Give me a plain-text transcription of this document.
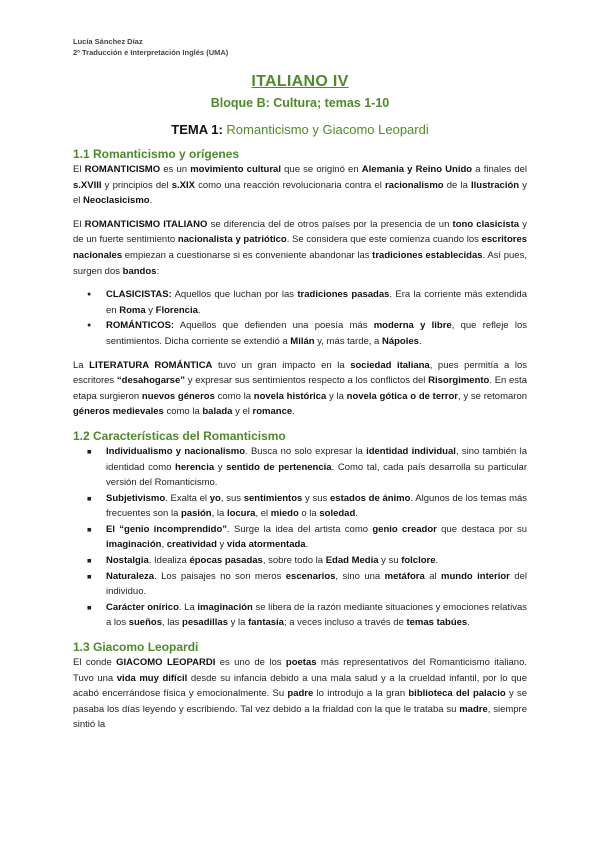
Lucía Sánchez Díaz
2º Traducción e Interpretación Inglés (UMA)
ITALIANO IV
Bloque B: Cultura; temas 1-10
TEMA 1: Romanticismo y Giacomo Leopardi
1.1 Romanticismo y orígenes

El ROMANTICISMO es un movimiento cultural que se originó en Alemania y Reino Unido a finales del s.XVIII y principios del s.XIX como una reacción revolucionaria contra el racionalismo de la Ilustración y el Neoclasicismo.

El ROMANTICISMO ITALIANO se diferencia del de otros países por la presencia de un tono clasicista y de un fuerte sentimiento nacionalista y patriótico. Se considera que este comienza cuando los escritores nacionales empiezan a cuestionarse si es conveniente abandonar las tradiciones establecidas. Así pues, surgen dos bandos:

● CLASICISTAS: Aquellos que luchan por las tradiciones pasadas. Era la corriente más extendida en Roma y Florencia.
● ROMÁNTICOS: Aquellos que defienden una poesía más moderna y libre, que refleje los sentimientos. Dicha corriente se extendió a Milán y, más tarde, a Nápoles.

La LITERATURA ROMÁNTICA tuvo un gran impacto en la sociedad italiana, pues permitía a los escritores “desahogarse” y expresar sus sentimientos respecto a los conflictos del Risorgimento. En esta etapa surgieron nuevos géneros como la novela histórica y la novela gótica o de terror, y se retomaron géneros medievales como la balada y el romance.

1.2 Características del Romanticismo
■ Individualismo y nacionalismo. Busca no solo expresar la identidad individual, sino también la identidad como herencia y sentido de pertenencia. Como tal, cada país desarrolla su particular versión del Romanticismo.
■ Subjetivismo. Exalta el yo, sus sentimientos y sus estados de ánimo. Algunos de los temas más frecuentes son la pasión, la locura, el miedo o la soledad.
■ El “genio incomprendido”. Surge la idea del artista como genio creador que destaca por su imaginación, creatividad y vida atormentada.
■ Nostalgia. Idealiza épocas pasadas, sobre todo la Edad Media y su folclore.
■ Naturaleza. Los paisajes no son meros escenarios, sino una metáfora al mundo interior del individuo.
■ Carácter onírico. La imaginación se libera de la razón mediante situaciones y emociones relativas a los sueños, las pesadillas y la fantasía; a veces incluso a través de temas tabúes.
1.3 Giacomo Leopardi

El conde GIACOMO LEOPARDI es uno de los poetas más representativos del Romanticismo italiano. Tuvo una vida muy difícil desde su infancia debido a una mala salud y a la crueldad infantil, por lo que acabó encerrándose física y emocionalmente. Su padre lo introdujo a la gran biblioteca del palacio y se pasaba los días leyendo y escribiendo. Tal vez debido a la frialdad con la que le trataba su madre, siempre sintió la
